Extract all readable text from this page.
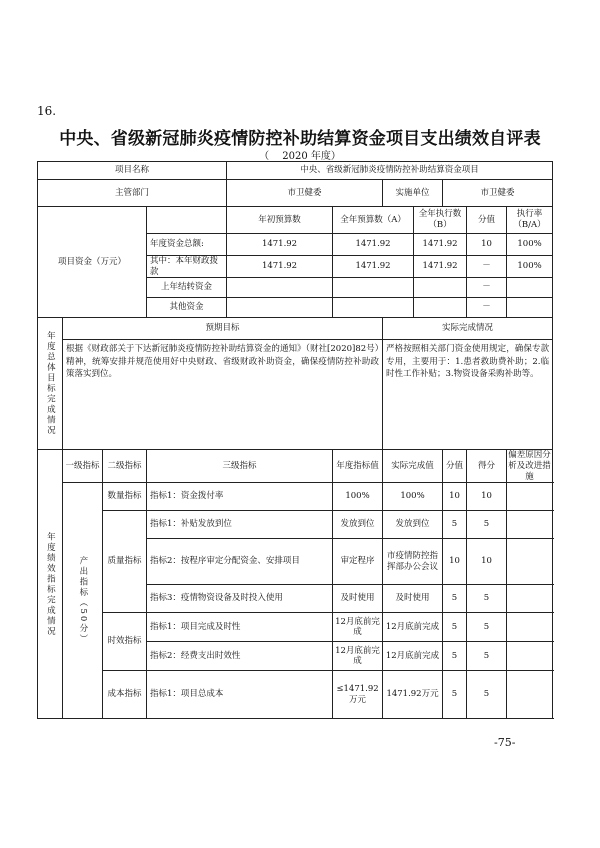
16.
中央、省级新冠肺炎疫情防控补助结算资金项目支出绩效自评表
（　 2020 年度）
项目名称				中央、省级新冠肺炎疫情防控补助结算资金项目							
主管部门				市卫健委		实施单位		市卫健委			
项目资金（万元）				年初预算数	全年预算数（A）		全年执行数（B）		分值	执行率（B/A）	
			年度资金总额:	1471.92	1471.92		1471.92		10	100%	
			其中：本年财政拨款	1471.92	1471.92		1471.92		－	100%	
			上年结转资金						－		
			其他资金						－		
年度总体目标完成情况	预期目标					实际完成情况					
	根据《财政部关于下达新冠肺炎疫情防控补助结算资金的通知》（财社[2020]82号）精神，统筹安排并规范使用好中央财政、省级财政补助资金，确保疫情防控补助政策落实到位。					严格按照相关部门资金使用规定，确保专款专用，主要用于：1.患者救助费补助；2.临时性工作补贴；3.物资设备采购补助等。					
年度绩效指标完成情况	一级指标	二级指标	三级指标		年度指标值	实际完成值		分值	得分	偏差原因分析及改进措施	
	产出指标（50分）	数量指标	指标1：资金拨付率		100%	100%		10	10		
		质量指标	指标1：补贴发放到位		发放到位	发放到位		5	5		
			指标2：按程序审定分配资金、安排项目		审定程序	市疫情防控指挥部办公会议		10	10		
			指标3：疫情物资设备及时投入使用		及时使用	及时使用		5	5		
		时效指标	指标1：项目完成及时性		12月底前完成	12月底前完成		5	5		
			指标2：经费支出时效性		12月底前完成	12月底前完成		5	5		
		成本指标	指标1：项目总成本		≤1471.92万元	1471.92万元		5	5		
-75-
